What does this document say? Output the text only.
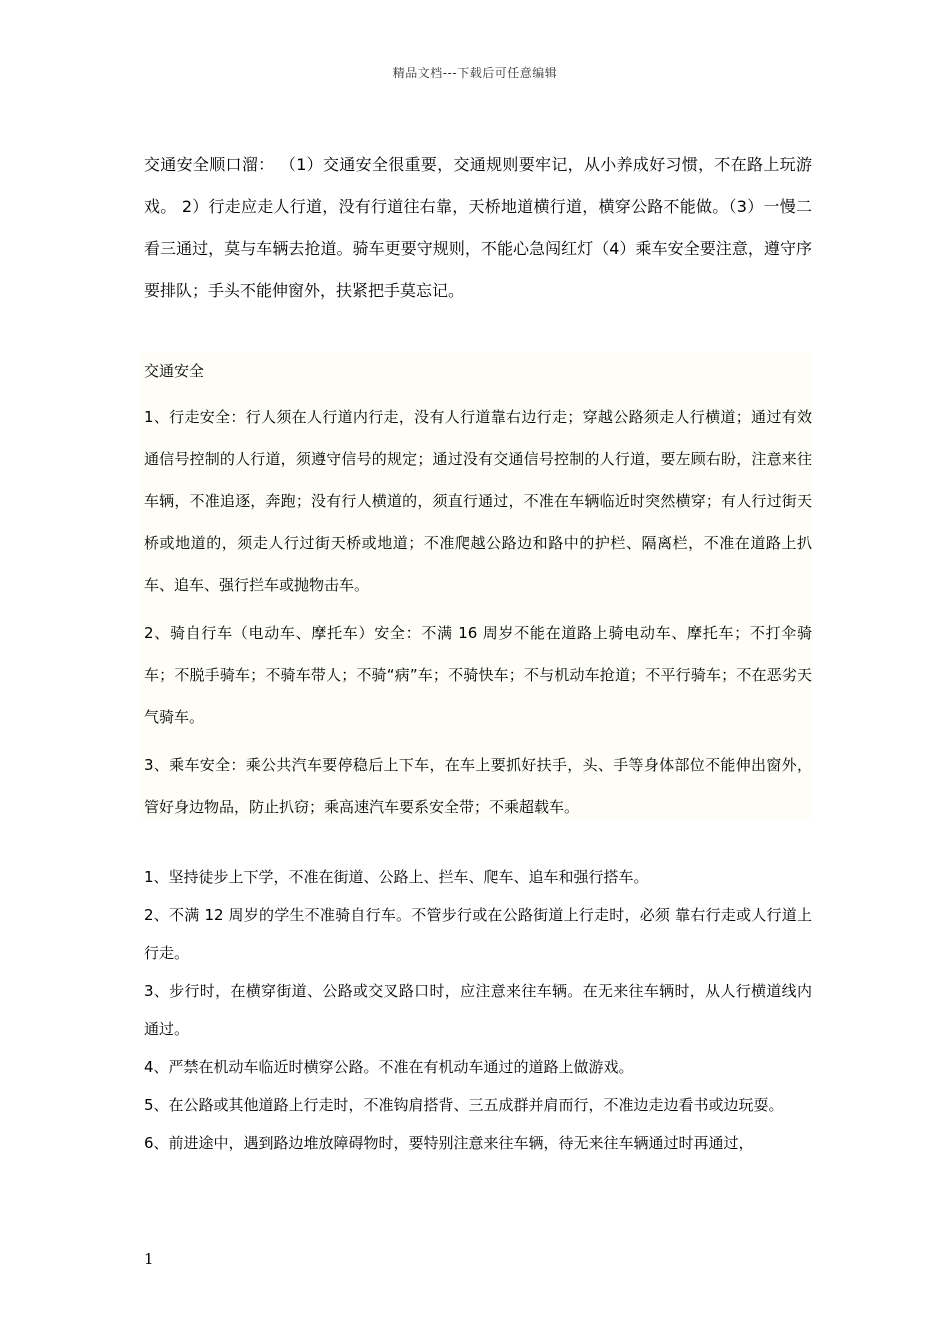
精品文档---下载后可任意编辑

交通安全顺口溜： （1）交通安全很重要，交通规则要牢记，从小养成好习惯，不在路上玩游戏。 2）行走应走人行道，没有行道往右靠，天桥地道横行道，横穿公路不能做。（3）一慢二看三通过，莫与车辆去抢道。骑车更要守规则，不能心急闯红灯（4）乘车安全要注意，遵守序要排队；手头不能伸窗外，扶紧把手莫忘记。

交通安全

1、行走安全：行人须在人行道内行走，没有人行道靠右边行走；穿越公路须走人行横道；通过有效通信号控制的人行道，须遵守信号的规定；通过没有交通信号控制的人行道，要左顾右盼，注意来往车辆，不准追逐，奔跑；没有行人横道的，须直行通过，不准在车辆临近时突然横穿；有人行过街天桥或地道的，须走人行过街天桥或地道；不准爬越公路边和路中的护栏、隔离栏，不准在道路上扒车、追车、强行拦车或抛物击车。

2、骑自行车（电动车、摩托车）安全：不满 16 周岁不能在道路上骑电动车、摩托车；不打伞骑车；不脱手骑车；不骑车带人；不骑“病”车；不骑快车；不与机动车抢道；不平行骑车；不在恶劣天气骑车。

3、乘车安全：乘公共汽车要停稳后上下车，在车上要抓好扶手，头、手等身体部位不能伸出窗外，管好身边物品，防止扒窃；乘高速汽车要系安全带；不乘超载车。

1、坚持徒步上下学，不准在街道、公路上、拦车、爬车、追车和强行搭车。

2、不满 12 周岁的学生不准骑自行车。不管步行或在公路街道上行走时，必须 靠右行走或人行道上行走。

3、步行时，在横穿街道、公路或交叉路口时，应注意来往车辆。在无来往车辆时，从人行横道线内通过。

4、严禁在机动车临近时横穿公路。不准在有机动车通过的道路上做游戏。

5、在公路或其他道路上行走时，不准钩肩搭背、三五成群并肩而行，不准边走边看书或边玩耍。

6、前进途中，遇到路边堆放障碍物时，要特别注意来往车辆，待无来往车辆通过时再通过，

1
